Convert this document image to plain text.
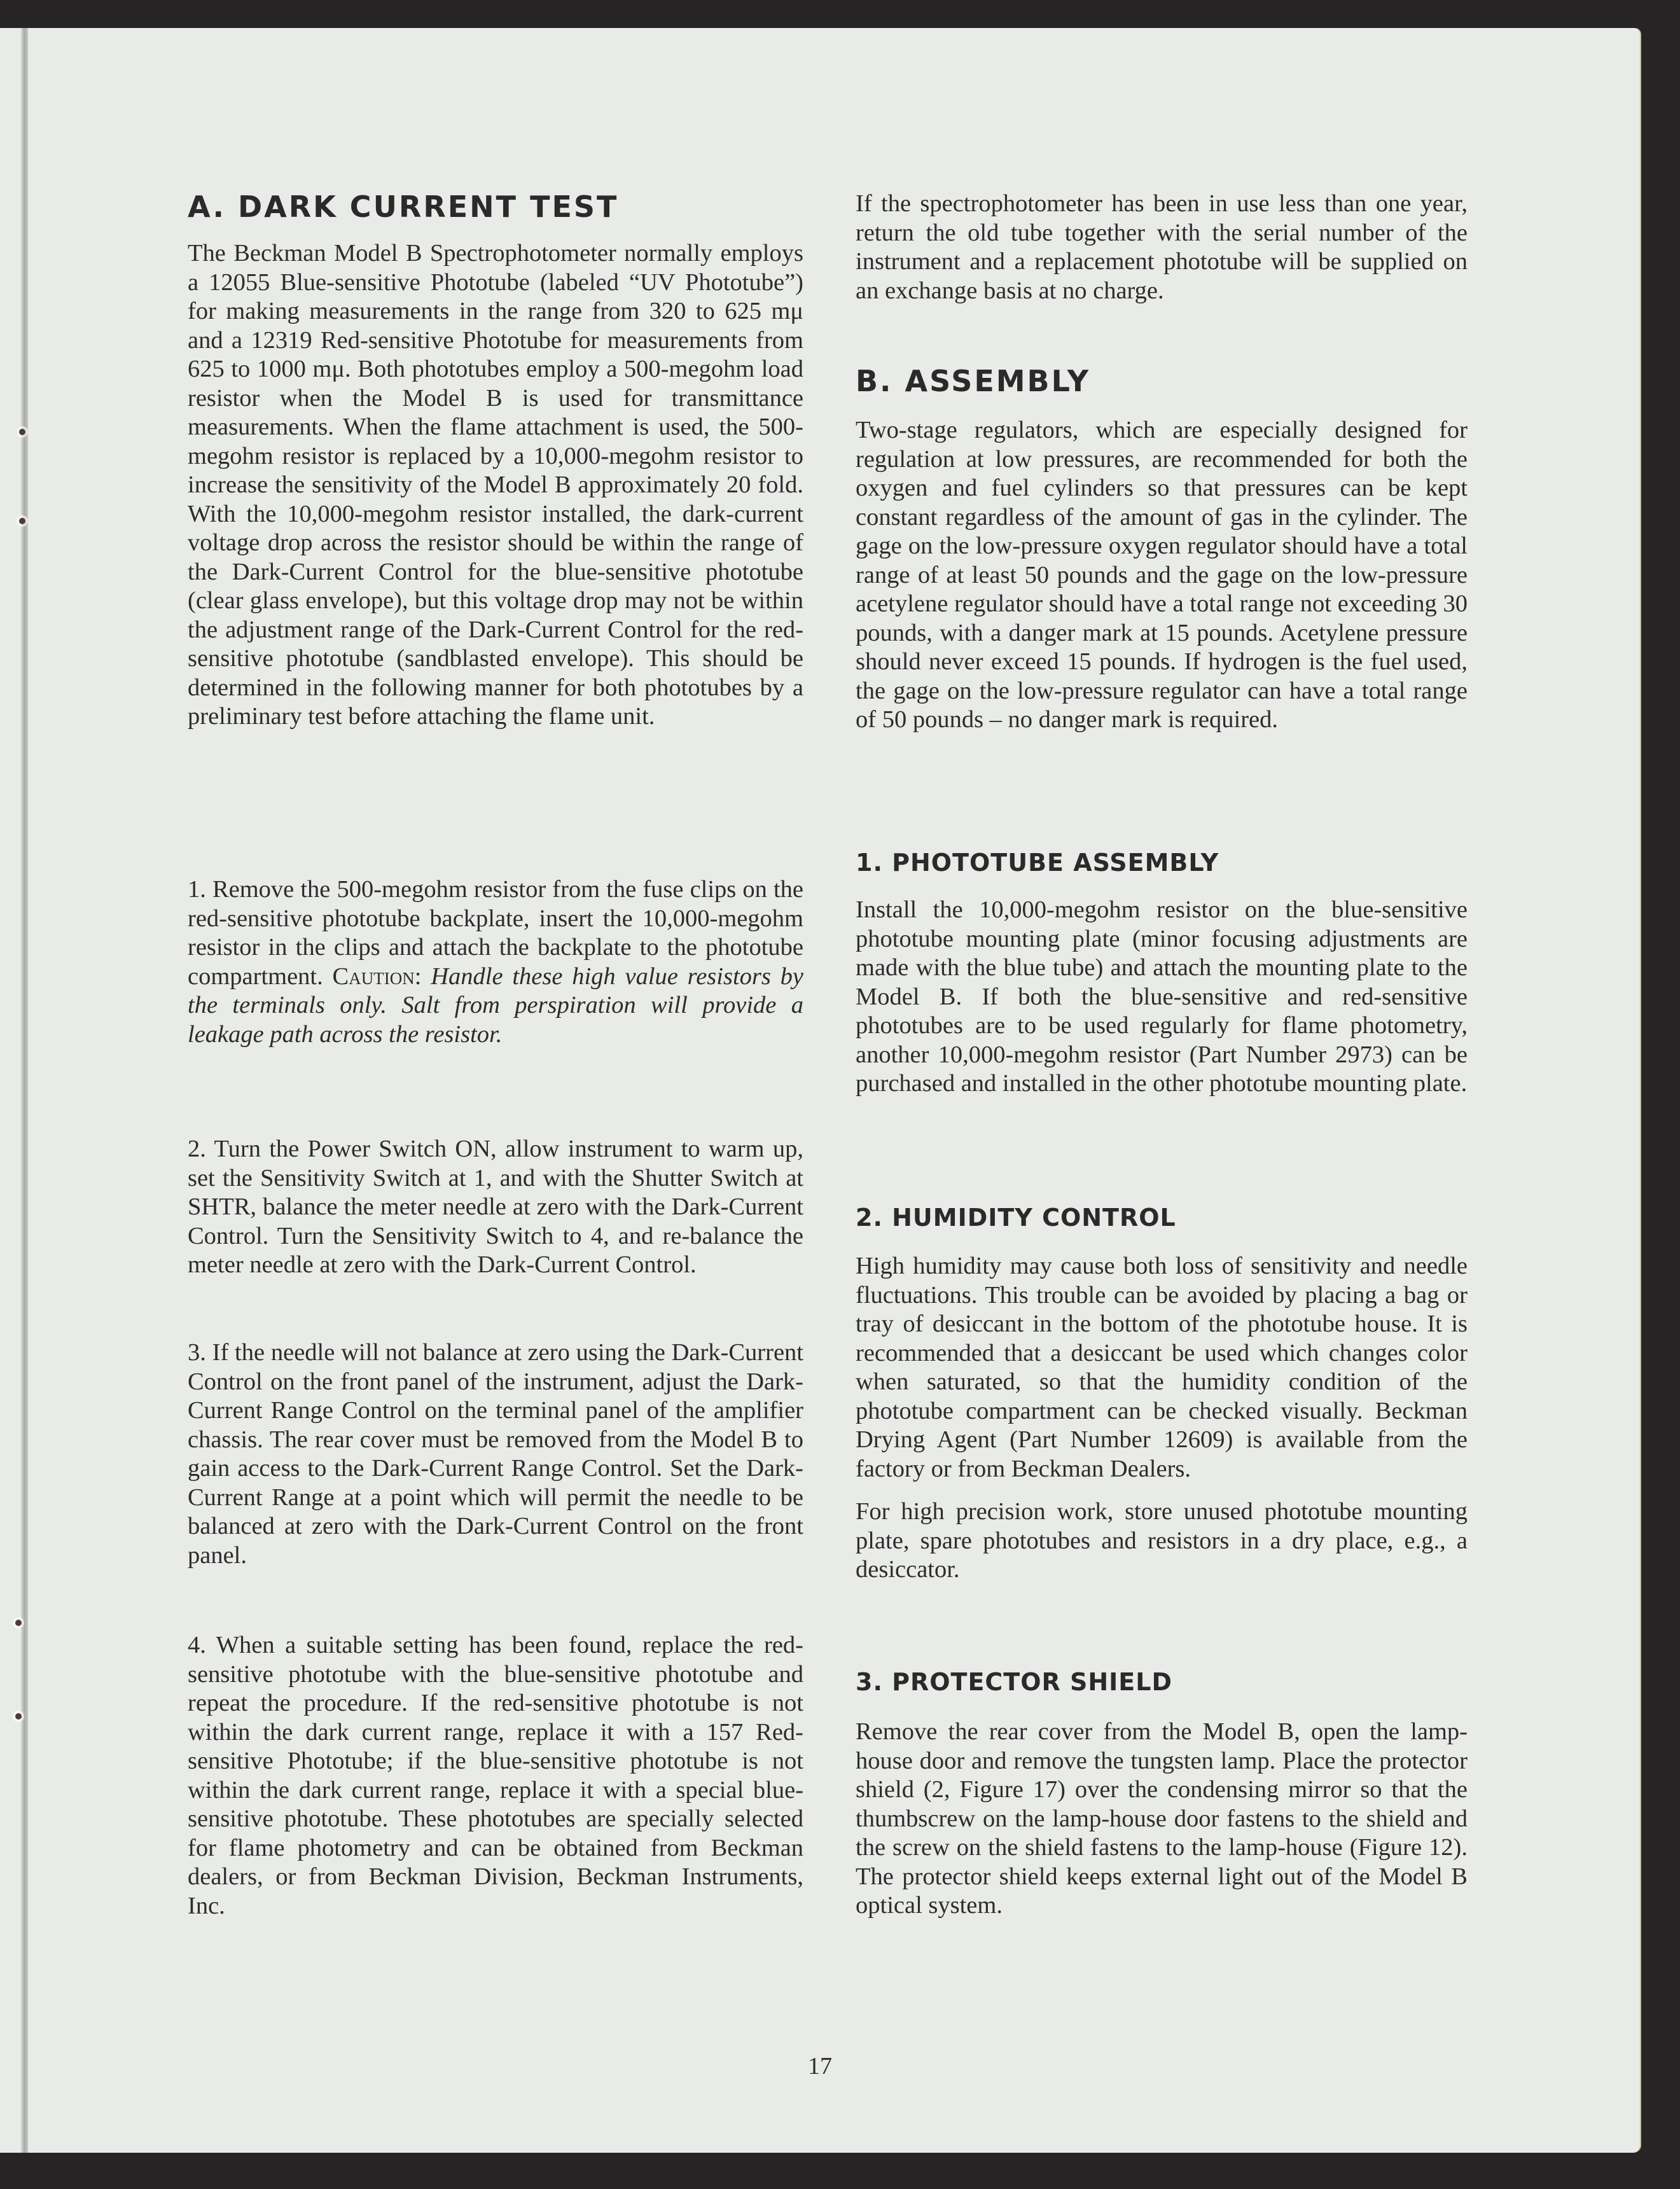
A. DARK CURRENT TEST

The Beckman Model B Spectrophotometer normally employs a 12055 Blue-sensitive Phototube (labeled “UV Phototube”) for making measurements in the range from 320 to 625 mμ and a 12319 Red-sensitive Phototube for measurements from 625 to 1000 mμ. Both phototubes employ a 500-megohm load resistor when the Model B is used for transmittance measurements. When the flame attachment is used, the 500-megohm resistor is replaced by a 10,000-megohm resistor to increase the sensitivity of the Model B approximately 20 fold. With the 10,000-megohm resistor installed, the dark-current voltage drop across the resistor should be within the range of the Dark-Current Control for the blue-sensitive phototube (clear glass envelope), but this voltage drop may not be within the adjustment range of the Dark-Current Control for the red-sensitive phototube (sandblasted envelope). This should be determined in the following manner for both phototubes by a preliminary test before attaching the flame unit.

1. Remove the 500-megohm resistor from the fuse clips on the red-sensitive phototube backplate, insert the 10,000-megohm resistor in the clips and attach the backplate to the phototube compartment. Caution: Handle these high value resistors by the terminals only. Salt from perspiration will provide a leakage path across the resistor.

2. Turn the Power Switch ON, allow instrument to warm up, set the Sensitivity Switch at 1, and with the Shutter Switch at SHTR, balance the meter needle at zero with the Dark-Current Control. Turn the Sensitivity Switch to 4, and re-balance the meter needle at zero with the Dark-Current Control.

3. If the needle will not balance at zero using the Dark-Current Control on the front panel of the instrument, adjust the Dark-Current Range Control on the terminal panel of the amplifier chassis. The rear cover must be removed from the Model B to gain access to the Dark-Current Range Control. Set the Dark-Current Range at a point which will permit the needle to be balanced at zero with the Dark-Current Control on the front panel.

4. When a suitable setting has been found, replace the red-sensitive phototube with the blue-sensitive phototube and repeat the procedure. If the red-sensitive phototube is not within the dark current range, replace it with a 157 Red-sensitive Phototube; if the blue-sensitive phototube is not within the dark current range, replace it with a special blue-sensitive phototube. These phototubes are specially selected for flame photometry and can be obtained from Beckman dealers, or from Beckman Division, Beckman Instruments, Inc.

If the spectrophotometer has been in use less than one year, return the old tube together with the serial number of the instrument and a replacement phototube will be supplied on an exchange basis at no charge.

B. ASSEMBLY

Two-stage regulators, which are especially designed for regulation at low pressures, are recommended for both the oxygen and fuel cylinders so that pressures can be kept constant regardless of the amount of gas in the cylinder. The gage on the low-pressure oxygen regulator should have a total range of at least 50 pounds and the gage on the low-pressure acetylene regulator should have a total range not exceeding 30 pounds, with a danger mark at 15 pounds. Acetylene pressure should never exceed 15 pounds. If hydrogen is the fuel used, the gage on the low-pressure regulator can have a total range of 50 pounds – no danger mark is required.

1. PHOTOTUBE ASSEMBLY

Install the 10,000-megohm resistor on the blue-sensitive phototube mounting plate (minor focusing adjustments are made with the blue tube) and attach the mounting plate to the Model B. If both the blue-sensitive and red-sensitive phototubes are to be used regularly for flame photometry, another 10,000-megohm resistor (Part Number 2973) can be purchased and installed in the other phototube mounting plate.

2. HUMIDITY CONTROL

High humidity may cause both loss of sensitivity and needle fluctuations. This trouble can be avoided by placing a bag or tray of desiccant in the bottom of the phototube house. It is recommended that a desiccant be used which changes color when saturated, so that the humidity condition of the phototube compartment can be checked visually. Beckman Drying Agent (Part Number 12609) is available from the factory or from Beckman Dealers.

For high precision work, store unused phototube mounting plate, spare phototubes and resistors in a dry place, e.g., a desiccator.

3. PROTECTOR SHIELD

Remove the rear cover from the Model B, open the lamp-house door and remove the tungsten lamp. Place the protector shield (2, Figure 17) over the condensing mirror so that the thumbscrew on the lamp-house door fastens to the shield and the screw on the shield fastens to the lamp-house (Figure 12). The protector shield keeps external light out of the Model B optical system.

17
